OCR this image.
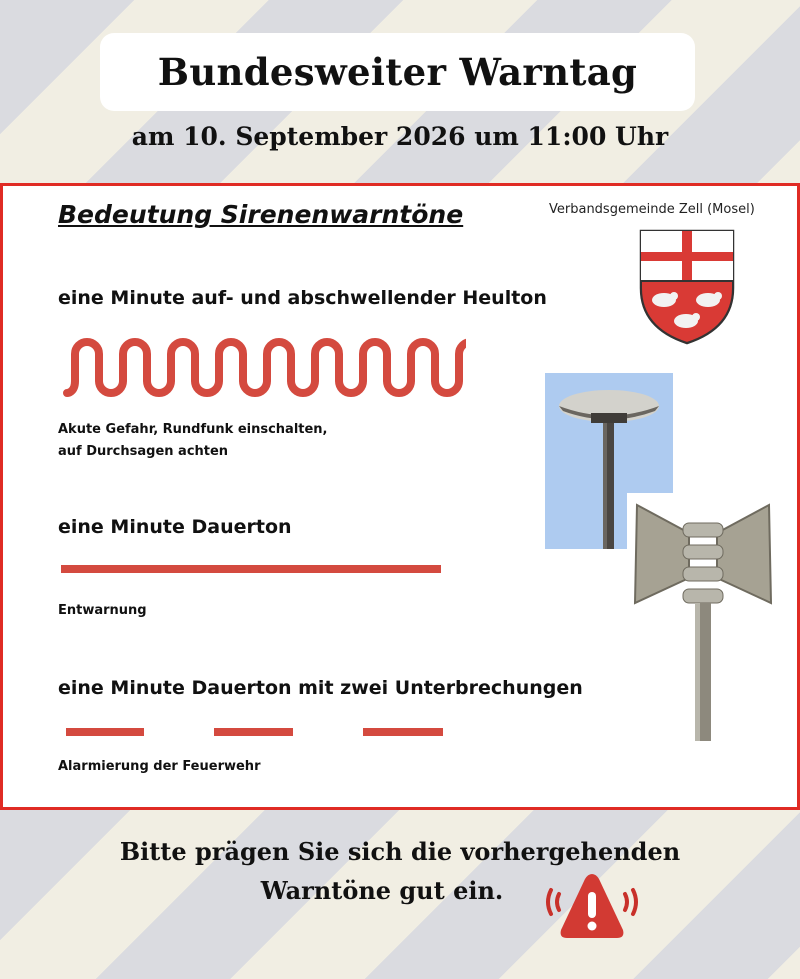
Bundesweiter Warntag
am 10. September 2026 um 11:00 Uhr
Bedeutung Sirenenwarntöne	Verbandsgemeinde Zell (Mosel)
eine Minute auf- und abschwellender Heulton
Akute Gefahr, Rundfunk einschalten,
auf Durchsagen achten
eine Minute Dauerton
Entwarnung
eine Minute Dauerton mit zwei Unterbrechungen
Alarmierung der Feuerwehr
Bitte prägen Sie sich die vorhergehenden
Warntöne gut ein.
